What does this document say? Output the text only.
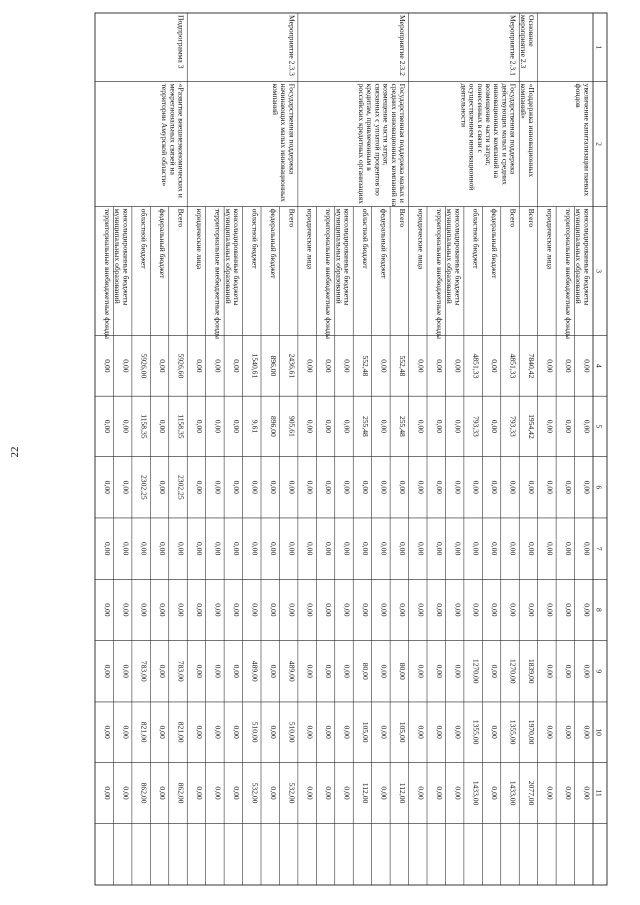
22
1
2
3
4
5
6
7
8
9
10
11
увеличение капитализации паевыхфондов
консолидированные бюджетымуниципальных образований
0,00
0,00
0,00
0,00
0,00
0,00
0,00
0,00
территориальные внебюджетные фонды
0,00
0,00
0,00
0,00
0,00
0,00
0,00
0,00
юридические лица
0,00
0,00
0,00
0,00
0,00
0,00
0,00
0,00
Основноемероприятие 2.3
«Поддержка инновационныхкомпаний»
Всего
7840,42
1954,42
0,00
0,00
0,00
1839,00
1970,00
2077,00
Мероприятие 2.3.1
Государственная поддержкадействующих малых и среднихинновационных компаний навозмещение части затрат,понесенных в связи сосуществлением инновационнойдеятельности
Всего
4851,33
793,33
0,00
0,00
0,00
1270,00
1355,00
1433,00
федеральный бюджет
0,00
0,00
0,00
0,00
0,00
0,00
0,00
0,00
областной бюджет
4851,33
793,33
0,00
0,00
0,00
1270,00
1355,00
1433,00
консолидированные бюджетымуниципальных образований
0,00
0,00
0,00
0,00
0,00
0,00
0,00
0,00
территориальные внебюджетные фонды
0,00
0,00
0,00
0,00
0,00
0,00
0,00
0,00
юридические лица
0,00
0,00
0,00
0,00
0,00
0,00
0,00
0,00
Мероприятие 2.3.2
Государственная поддержка малых исредних инновационных компаний навозмещение части затрат,связанных с уплатой процентов покредитам, привлеченным вроссийских кредитных организациях
Всего
552,48
255,48
0,00
0,00
0,00
80,00
105,00
112,00
федеральный бюджет
0,00
0,00
0,00
0,00
0,00
0,00
0,00
0,00
областной бюджет
552,48
255,48
0,00
0,00
0,00
80,00
105,00
112,00
консолидированные бюджетымуниципальных образований
0,00
0,00
0,00
0,00
0,00
0,00
0,00
0,00
территориальные внебюджетные фонды
0,00
0,00
0,00
0,00
0,00
0,00
0,00
0,00
юридические лица
0,00
0,00
0,00
0,00
0,00
0,00
0,00
0,00
Мероприятие 2.3.3
Государственная поддержканачинающих малых инновационныхкомпаний
Всего
2436,61
905,61
0,00
0,00
0,00
489,00
510,00
532,00
федеральный бюджет
896,00
896,00
0,00
0,00
0,00
0,00
0,00
0,00
областной бюджет
1540,61
9,61
0,00
0,00
0,00
489,00
510,00
532,00
консолидированные бюджетымуниципальных образований
0,00
0,00
0,00
0,00
0,00
0,00
0,00
0,00
территориальные внебюджетные фонды
0,00
0,00
0,00
0,00
0,00
0,00
0,00
0,00
юридические лица
0,00
0,00
0,00
0,00
0,00
0,00
0,00
0,00
Подпрограмма 3
«Развитие внешнеэкономических имежрегиональных связей натерритории Амурской области»
Всего
5926,60
1158,35
2302,25
0,00
0,00
783,00
821,00
862,00
федеральный бюджет
0,00
0,00
0,00
0,00
0,00
0,00
0,00
0,00
областной бюджет
5926,00
1158,35
2302,25
0,00
0,00
783,00
821,00
862,00
консолидированные бюджетымуниципальных образований
0,00
0,00
0,00
0,00
0,00
0,00
0,00
0,00
территориальные внебюджетные фонды
0,00
0,00
0,00
0,00
0,00
0,00
0,00
0,00
